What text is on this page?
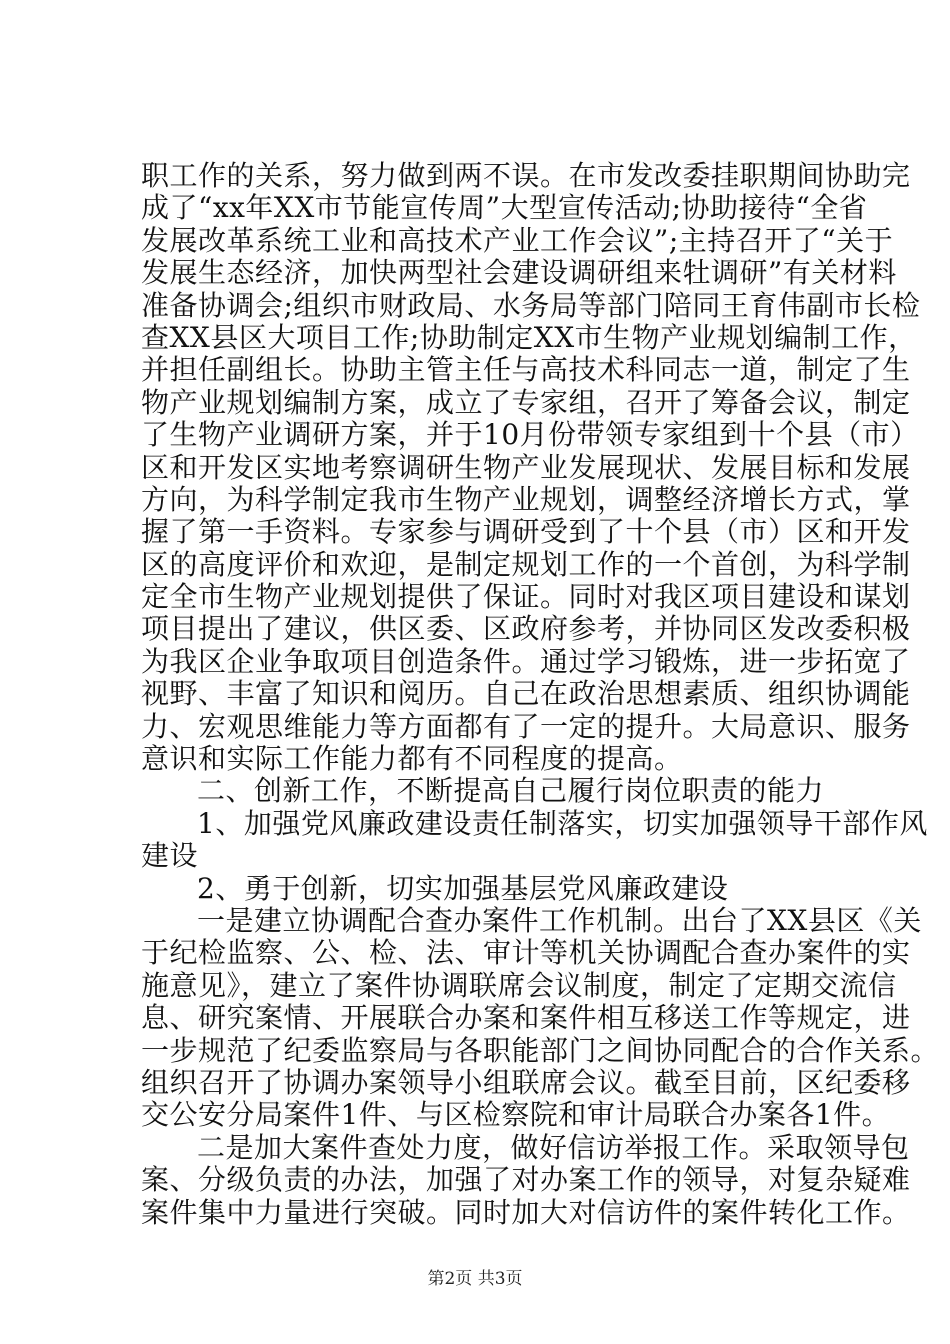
职工作的关系，努力做到两不误。在市发改委挂职期间协助完
成了“xx年XX市节能宣传周”大型宣传活动;协助接待“全省
发展改革系统工业和高技术产业工作会议”;主持召开了“关于
发展生态经济，加快两型社会建设调研组来牡调研”有关材料
准备协调会;组织市财政局、水务局等部门陪同王育伟副市长检
查XX县区大项目工作;协助制定XX市生物产业规划编制工作，
并担任副组长。协助主管主任与高技术科同志一道，制定了生
物产业规划编制方案，成立了专家组，召开了筹备会议，制定
了生物产业调研方案，并于10月份带领专家组到十个县（市）
区和开发区实地考察调研生物产业发展现状、发展目标和发展
方向，为科学制定我市生物产业规划，调整经济增长方式，掌
握了第一手资料。专家参与调研受到了十个县（市）区和开发
区的高度评价和欢迎，是制定规划工作的一个首创，为科学制
定全市生物产业规划提供了保证。同时对我区项目建设和谋划
项目提出了建议，供区委、区政府参考，并协同区发改委积极
为我区企业争取项目创造条件。通过学习锻炼，进一步拓宽了
视野、丰富了知识和阅历。自己在政治思想素质、组织协调能
力、宏观思维能力等方面都有了一定的提升。大局意识、服务
意识和实际工作能力都有不同程度的提高。
二、创新工作，不断提高自己履行岗位职责的能力
1、加强党风廉政建设责任制落实，切实加强领导干部作风
建设
2、勇于创新，切实加强基层党风廉政建设
一是建立协调配合查办案件工作机制。出台了XX县区《关
于纪检监察、公、检、法、审计等机关协调配合查办案件的实
施意见》，建立了案件协调联席会议制度，制定了定期交流信
息、研究案情、开展联合办案和案件相互移送工作等规定，进
一步规范了纪委监察局与各职能部门之间协同配合的合作关系。
组织召开了协调办案领导小组联席会议。截至目前，区纪委移
交公安分局案件1件、与区检察院和审计局联合办案各1件。
二是加大案件查处力度，做好信访举报工作。采取领导包
案、分级负责的办法，加强了对办案工作的领导，对复杂疑难
案件集中力量进行突破。同时加大对信访件的案件转化工作。
第2页 共3页
